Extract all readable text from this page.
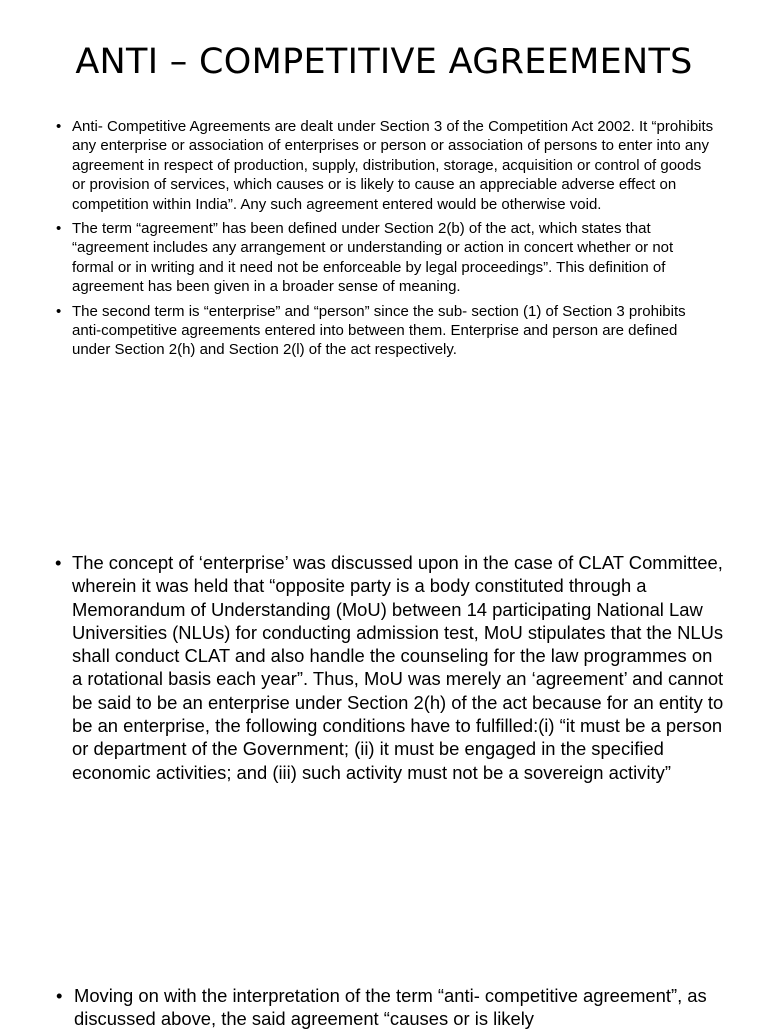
ANTI – COMPETITIVE AGREEMENTS
• Anti- Competitive Agreements are dealt under Section 3 of the Competition Act 2002. It “prohibits any enterprise or association of enterprises or person or association of persons to enter into any agreement in respect of production, supply, distribution, storage, acquisition or control of goods or provision of services, which causes or is likely to cause an appreciable adverse effect on competition within India”. Any such agreement entered would be otherwise void.
• The term “agreement” has been defined under Section 2(b) of the act, which states that “agreement includes any arrangement or understanding or action in concert whether or not formal or in writing and it need not be enforceable by legal proceedings”. This definition of agreement has been given in a broader sense of meaning.
• The second term is “enterprise” and “person” since the sub- section (1) of Section 3 prohibits anti-competitive agreements entered into between them. Enterprise and person are defined under Section 2(h) and Section 2(l) of the act respectively.
• The concept of ‘enterprise’ was discussed upon in the case of CLAT Committee, wherein it was held that “opposite party is a body constituted through a Memorandum of Understanding (MoU) between 14 participating National Law Universities (NLUs) for conducting admission test, MoU stipulates that the NLUs shall conduct CLAT and also handle the counseling for the law programmes on a rotational basis each year”. Thus, MoU was merely an ‘agreement’ and cannot be said to be an enterprise under Section 2(h) of the act because for an entity to be an enterprise, the following conditions have to fulfilled:(i) “it must be a person or department of the Government; (ii) it must be engaged in the specified economic activities; and (iii) such activity must not be a sovereign activity”
• Moving on with the interpretation of the term “anti- competitive agreement”, as discussed above, the said agreement “causes or is likely
